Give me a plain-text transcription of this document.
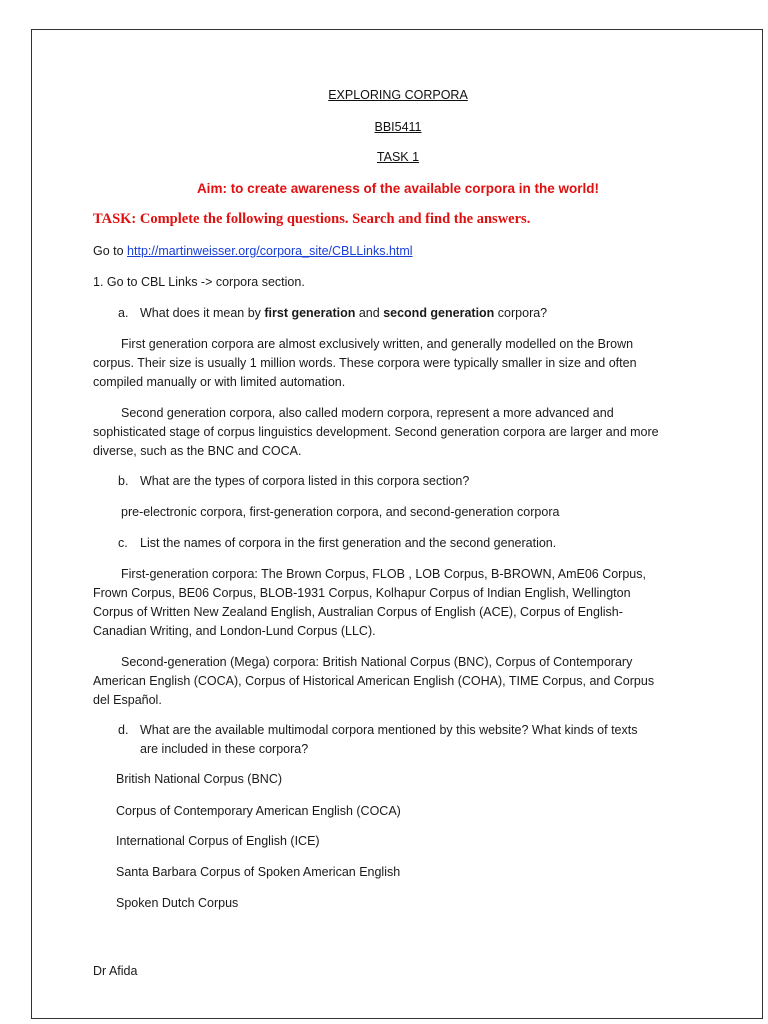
EXPLORING CORPORA
BBI5411
TASK 1
Aim: to create awareness of the available corpora in the world!
TASK: Complete the following questions. Search and find the answers.
Go to http://martinweisser.org/corpora_site/CBLLinks.html
1. Go to CBL Links -> corpora section.
a. What does it mean by first generation and second generation corpora?
First generation corpora are almost exclusively written, and generally modelled on the Brown corpus. Their size is usually 1 million words. These corpora were typically smaller in size and often compiled manually or with limited automation.
Second generation corpora, also called modern corpora, represent a more advanced and sophisticated stage of corpus linguistics development. Second generation corpora are larger and more diverse, such as the BNC and COCA.
b. What are the types of corpora listed in this corpora section?
pre-electronic corpora, first-generation corpora, and second-generation corpora
c. List the names of corpora in the first generation and the second generation.
First-generation corpora: The Brown Corpus, FLOB , LOB Corpus, B-BROWN, AmE06 Corpus, Frown Corpus, BE06 Corpus, BLOB-1931 Corpus, Kolhapur Corpus of Indian English, Wellington Corpus of Written New Zealand English, Australian Corpus of English (ACE), Corpus of English-Canadian Writing, and London-Lund Corpus (LLC).
Second-generation (Mega) corpora: British National Corpus (BNC), Corpus of Contemporary American English (COCA), Corpus of Historical American English (COHA), TIME Corpus, and Corpus del Español.
d. What are the available multimodal corpora mentioned by this website? What kinds of texts
are included in these corpora?
British National Corpus (BNC)
Corpus of Contemporary American English (COCA)
International Corpus of English (ICE)
Santa Barbara Corpus of Spoken American English
Spoken Dutch Corpus
Dr Afida
